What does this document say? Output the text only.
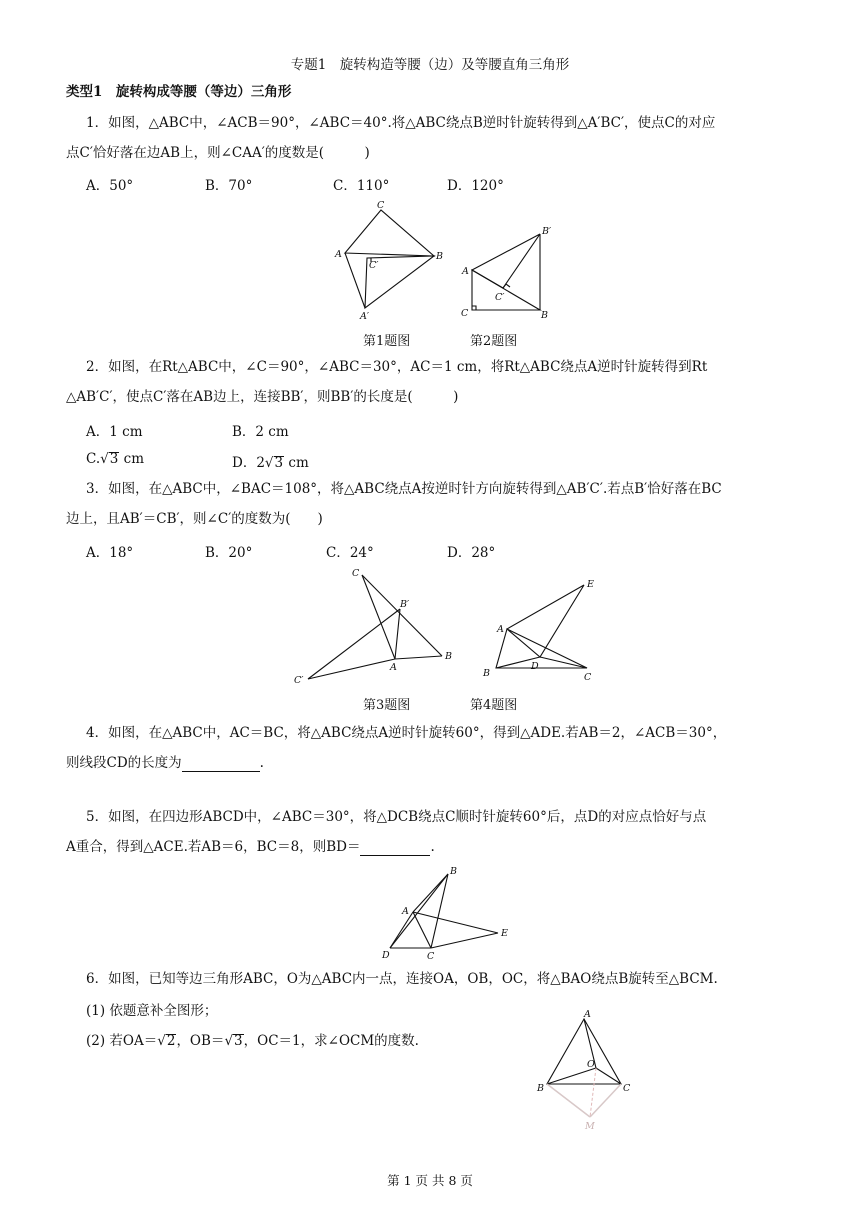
专题1　旋转构造等腰（边）及等腰直角三角形
类型1　旋转构成等腰（等边）三角形
1．如图，△ABC中，∠ACB＝90°，∠ABC＝40°.将△ABC绕点B逆时针旋转得到△A′BC′，使点C的对应
点C′恰好落在边AB上，则∠CAA′的度数是(　　　)
A．50°	B．70°	C．110°	D．120°
C
A	B
C′
A′
B′
A
C′
C	B
第1题图	第2题图
2．如图，在Rt△ABC中，∠C＝90°，∠ABC＝30°，AC＝1 cm，将Rt△ABC绕点A逆时针旋转得到Rt
△AB′C′，使点C′落在AB边上，连接BB′，则BB′的长度是(　　　)
A．1 cm	B．2 cm
C.√3 cm	D．2√3 cm
3．如图，在△ABC中，∠BAC＝108°，将△ABC绕点A按逆时针方向旋转得到△AB′C′.若点B′恰好落在BC
边上，且AB′＝CB′，则∠C′的度数为(　　)
A．18°	B．20°	C．24°	D．28°
C
B′
B
A
C′
E
A
D
B	C
第3题图	第4题图
4．如图，在△ABC中，AC＝BC，将△ABC绕点A逆时针旋转60°，得到△ADE.若AB＝2，∠ACB＝30°，
则线段CD的长度为	.
5．如图，在四边形ABCD中，∠ABC＝30°，将△DCB绕点C顺时针旋转60°后，点D的对应点恰好与点
A重合，得到△ACE.若AB＝6，BC＝8，则BD＝	.
B
A
E
D	C
6．如图，已知等边三角形ABC，O为△ABC内一点，连接OA，OB，OC，将△BAO绕点B旋转至△BCM.
(1) 依题意补全图形；
(2) 若OA＝√2，OB＝√3，OC＝1，求∠OCM的度数.
A
O
B	C
M
第 1 页 共 8 页
